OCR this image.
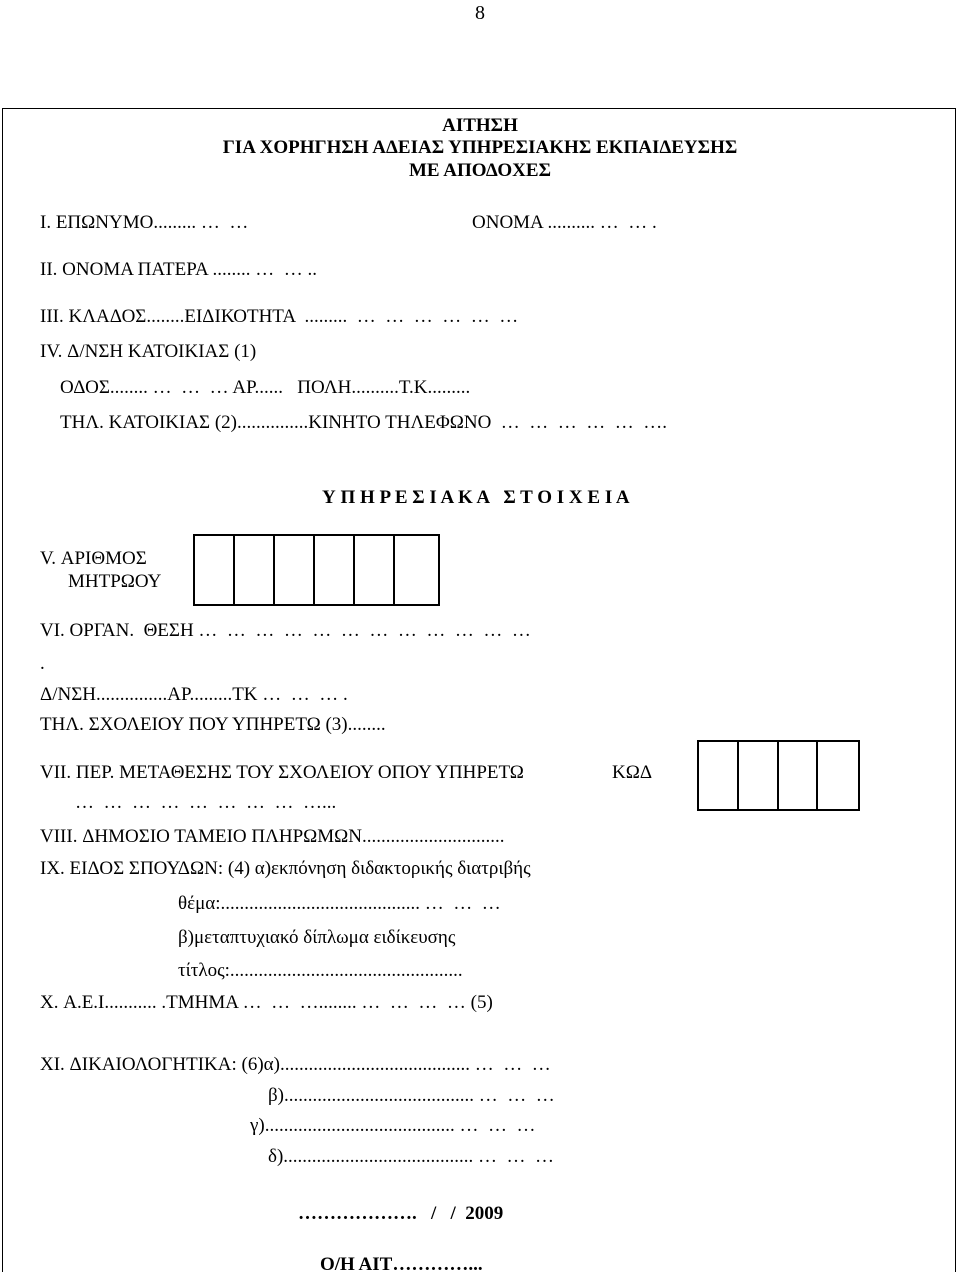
8
ΑΙΤΗΣΗ
ΓΙΑ ΧΟΡΗΓΗΣΗ ΑΔΕΙΑΣ ΥΠΗΡΕΣΙΑΚΗΣ ΕΚΠΑΙΔΕΥΣΗΣ
ΜΕ ΑΠΟΔΟΧΕΣ
I. ΕΠΩΝΥΜΟ......... …  …	ΟΝΟΜΑ .......... …  … .
II. ΟΝΟΜΑ ΠΑΤΕΡΑ ........ …  … ..
III. ΚΛΑΔΟΣ........ΕΙΔΙΚΟΤΗΤΑ  .........  …  …  …  …  …  …
IV. Δ/ΝΣΗ ΚΑΤΟΙΚΙΑΣ (1)
ΟΔΟΣ........ …  …  … ΑΡ......   ΠΟΛΗ..........Τ.Κ.........
ΤΗΛ. ΚΑΤΟΙΚΙΑΣ (2)...............ΚΙΝΗΤΟ ΤΗΛΕΦΩΝΟ  …  …  …  …  …  ….
Υ Π Η Ρ Ε Σ Ι Α Κ Α   Σ Τ Ο Ι Χ Ε Ι Α
V. ΑΡΙΘΜΟΣ
ΜΗΤΡΩΟΥ
VI. ΟΡΓΑΝ.  ΘΕΣΗ …  …  …  …  …  …  …  …  …  …  …  …
.
Δ/ΝΣΗ...............ΑΡ.........ΤΚ …  …  … .
ΤΗΛ. ΣΧΟΛΕΙΟΥ ΠΟΥ ΥΠΗΡΕΤΩ (3)........
VII. ΠΕΡ. ΜΕΤΑΘΕΣΗΣ ΤΟΥ ΣΧΟΛΕΙΟΥ ΟΠΟΥ ΥΠΗΡΕΤΩ	ΚΩΔ
…  …  …  …  …  …  …  …  …...
VIII. ΔΗΜΟΣΙΟ ΤΑΜΕΙΟ ΠΛΗΡΩΜΩΝ..............................
IX. ΕΙΔΟΣ ΣΠΟΥΔΩΝ: (4) α)εκπόνηση διδακτορικής διατριβής
θέμα:.......................................... …  …  …
β)μεταπτυχιακό δίπλωμα ειδίκευσης
τίτλος:.................................................
X. Α.Ε.Ι........... .ΤΜΗΜΑ …  …  …........ …  …  …  … (5)
XI. ΔΙΚΑΙΟΛΟΓΗΤΙΚΑ: (6)α)........................................ …  …  …
β)........................................ …  …  …
γ)........................................ …  …  …
δ)........................................ …  …  …
……………….   /   /  2009
Ο/Η ΑΙΤ…………...
